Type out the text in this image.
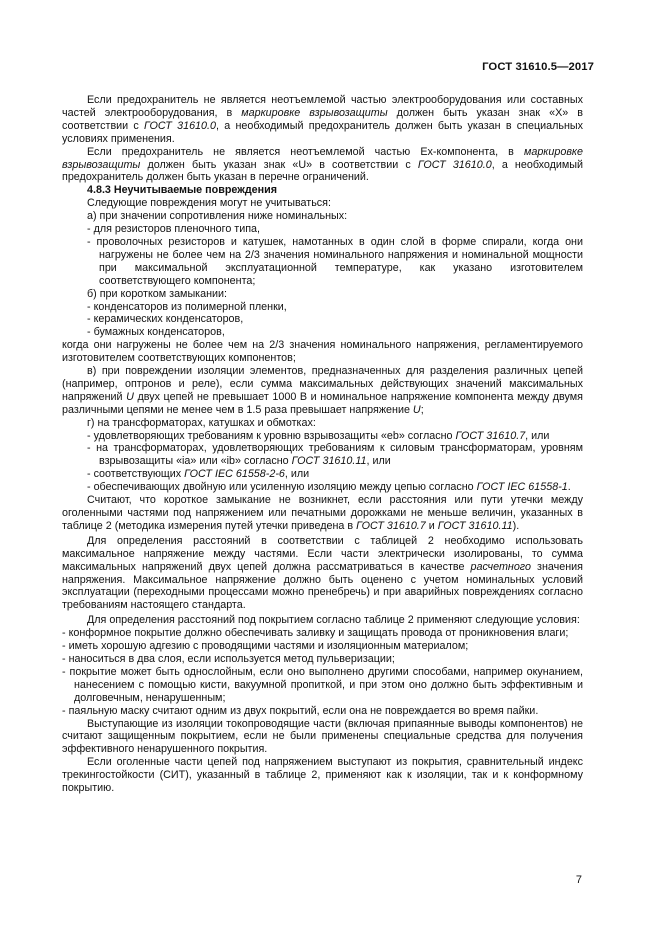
ГОСТ 31610.5—2017

Если предохранитель не является неотъемлемой частью электрооборудования или составных частей электрооборудования, в маркировке взрывозащиты должен быть указан знак «X» в соответствии с ГОСТ 31610.0, а необходимый предохранитель должен быть указан в специальных условиях применения.

Если предохранитель не является неотъемлемой частью Ex-компонента, в маркировке взрывозащиты должен быть указан знак «U» в соответствии с ГОСТ 31610.0, а необходимый предохранитель должен быть указан в перечне ограничений.

4.8.3 Неучитываемые повреждения

Следующие повреждения могут не учитываться:

а) при значении сопротивления ниже номинальных:

- для резисторов пленочного типа,

- проволочных резисторов и катушек, намотанных в один слой в форме спирали, когда они нагружены не более чем на 2/3 значения номинального напряжения и номинальной мощности при максимальной эксплуатационной температуре, как указано изготовителем соответствующего компонента;

б) при коротком замыкании:

- конденсаторов из полимерной пленки,

- керамических конденсаторов,

- бумажных конденсаторов,

когда они нагружены не более чем на 2/3 значения номинального напряжения, регламентируемого изготовителем соответствующих компонентов;

в) при повреждении изоляции элементов, предназначенных для разделения различных цепей (например, оптронов и реле), если сумма максимальных действующих значений максимальных напряжений U двух цепей не превышает 1000 В и номинальное напряжение компонента между двумя различными цепями не менее чем в 1.5 раза превышает напряжение U;

г) на трансформаторах, катушках и обмотках:

- удовлетворяющих требованиям к уровню взрывозащиты «eb» согласно ГОСТ 31610.7, или

- на трансформаторах, удовлетворяющих требованиям к силовым трансформаторам, уровням взрывозащиты «ia» или «ib» согласно ГОСТ 31610.11, или

- соответствующих ГОСТ IEC 61558-2-6, или

- обеспечивающих двойную или усиленную изоляцию между цепью согласно ГОСТ IEC 61558-1.

Считают, что короткое замыкание не возникнет, если расстояния или пути утечки между оголенными частями под напряжением или печатными дорожками не меньше величин, указанных в таблице 2 (методика измерения путей утечки приведена в ГОСТ 31610.7 и ГОСТ 31610.11).

Для определения расстояний в соответствии с таблицей 2 необходимо использовать максимальное напряжение между частями. Если части электрически изолированы, то сумма максимальных напряжений двух цепей должна рассматриваться в качестве расчетного значения напряжения. Максимальное напряжение должно быть оценено с учетом номинальных условий эксплуатации (переходными процессами можно пренебречь) и при аварийных повреждениях согласно требованиям настоящего стандарта.

Для определения расстояний под покрытием согласно таблице 2 применяют следующие условия:

- конформное покрытие должно обеспечивать заливку и защищать провода от проникновения влаги;

- иметь хорошую адгезию с проводящими частями и изоляционным материалом;

- наноситься в два слоя, если используется метод пульверизации;

- покрытие может быть однослойным, если оно выполнено другими способами, например окунанием, нанесением с помощью кисти, вакуумной пропиткой, и при этом оно должно быть эффективным и долговечным, ненарушенным;

- паяльную маску считают одним из двух покрытий, если она не повреждается во время пайки.

Выступающие из изоляции токопроводящие части (включая припаянные выводы компонентов) не считают защищенным покрытием, если не были применены специальные средства для получения эффективного ненарушенного покрытия.

Если оголенные части цепей под напряжением выступают из покрытия, сравнительный индекс трекингостойкости (СИТ), указанный в таблице 2, применяют как к изоляции, так и к конформному покрытию.

7
